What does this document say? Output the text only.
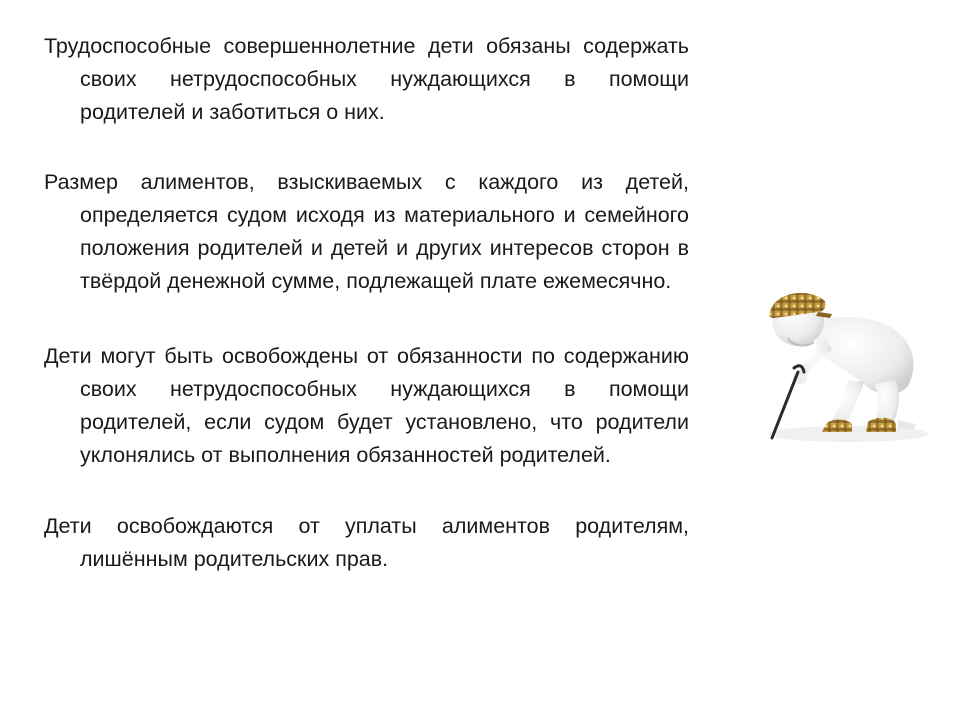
Трудоспособные совершеннолетние дети обязаны содержать своих нетрудоспособных нуждающихся в помощи родителей и заботиться о них.

Размер алиментов, взыскиваемых с каждого из детей, определяется судом исходя из материального и семейного положения родителей и детей и других интересов сторон в твёрдой денежной сумме, подлежащей плате ежемесячно.

Дети могут быть освобождены от обязанности по содержанию своих нетрудоспособных нуждающихся в помощи родителей, если судом будет установлено, что родители уклонялись от выполнения обязанностей родителей.

Дети освобождаются от уплаты алиментов родителям, лишённым родительских прав.
